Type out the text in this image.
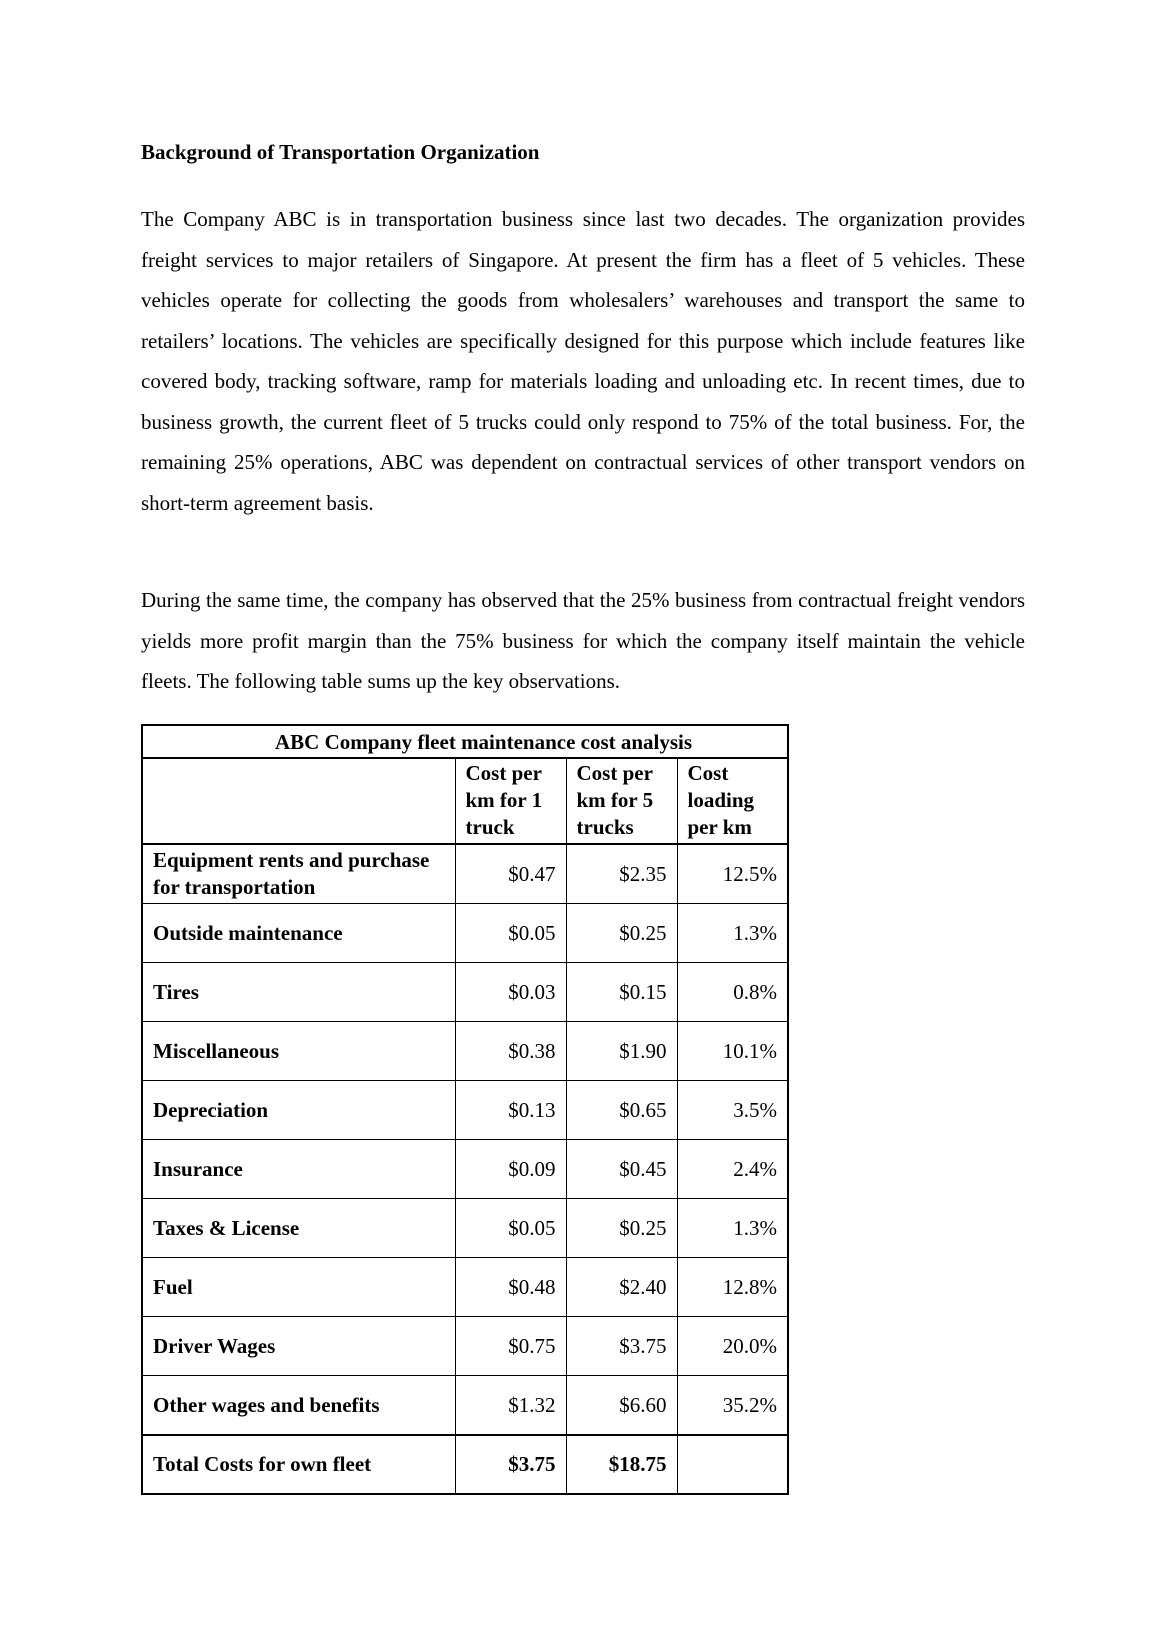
Background of Transportation Organization

The Company ABC is in transportation business since last two decades. The organization provides freight services to major retailers of Singapore. At present the firm has a fleet of 5 vehicles. These vehicles operate for collecting the goods from wholesalers’ warehouses and transport the same to retailers’ locations. The vehicles are specifically designed for this purpose which include features like covered body, tracking software, ramp for materials loading and unloading etc. In recent times, due to business growth, the current fleet of 5 trucks could only respond to 75% of the total business. For, the remaining 25% operations, ABC was dependent on contractual services of other transport vendors on short-term agreement basis.

During the same time, the company has observed that the 25% business from contractual freight vendors yields more profit margin than the 75% business for which the company itself maintain the vehicle fleets. The following table sums up the key observations.

ABC Company fleet maintenance cost analysis			
	Cost per km for 1 truck	Cost per km for 5 trucks	Cost loading per km
Equipment rents and purchase for transportation	$0.47	$2.35	12.5%
Outside maintenance	$0.05	$0.25	1.3%
Tires	$0.03	$0.15	0.8%
Miscellaneous	$0.38	$1.90	10.1%
Depreciation	$0.13	$0.65	3.5%
Insurance	$0.09	$0.45	2.4%
Taxes & License	$0.05	$0.25	1.3%
Fuel	$0.48	$2.40	12.8%
Driver Wages	$0.75	$3.75	20.0%
Other wages and benefits	$1.32	$6.60	35.2%
Total Costs for own fleet	$3.75	$18.75	
